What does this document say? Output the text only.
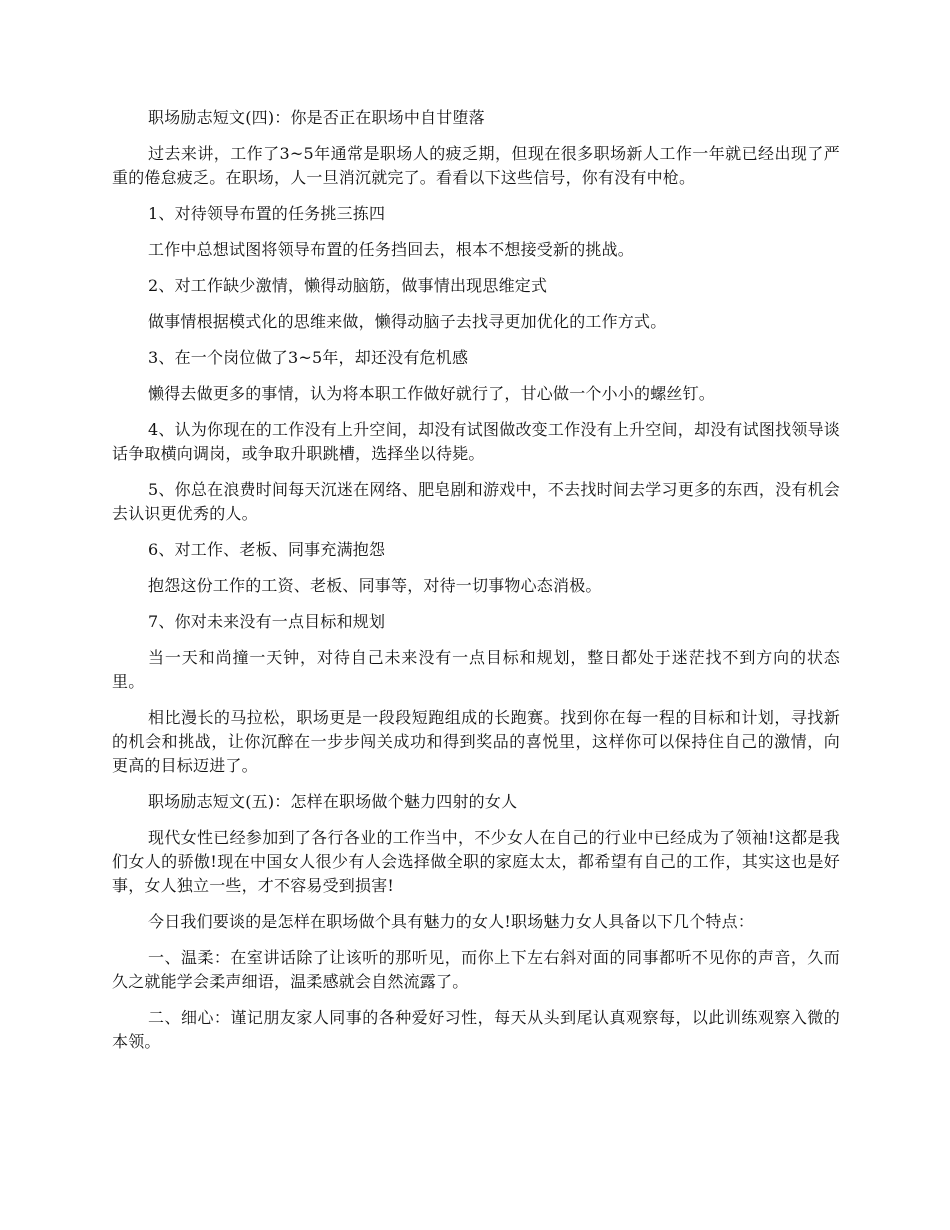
职场励志短文(四)：你是否正在职场中自甘堕落

过去来讲，工作了3~5年通常是职场人的疲乏期，但现在很多职场新人工作一年就已经出现了严重的倦怠疲乏。在职场，人一旦消沉就完了。看看以下这些信号，你有没有中枪。

1、对待领导布置的任务挑三拣四

工作中总想试图将领导布置的任务挡回去，根本不想接受新的挑战。

2、对工作缺少激情，懒得动脑筋，做事情出现思维定式

做事情根据模式化的思维来做，懒得动脑子去找寻更加优化的工作方式。

3、在一个岗位做了3~5年，却还没有危机感

懒得去做更多的事情，认为将本职工作做好就行了，甘心做一个小小的螺丝钉。

4、认为你现在的工作没有上升空间，却没有试图做改变工作没有上升空间，却没有试图找领导谈话争取横向调岗，或争取升职跳槽，选择坐以待毙。

5、你总在浪费时间每天沉迷在网络、肥皂剧和游戏中，不去找时间去学习更多的东西，没有机会去认识更优秀的人。

6、对工作、老板、同事充满抱怨

抱怨这份工作的工资、老板、同事等，对待一切事物心态消极。

7、你对未来没有一点目标和规划

当一天和尚撞一天钟，对待自己未来没有一点目标和规划，整日都处于迷茫找不到方向的状态里。

相比漫长的马拉松，职场更是一段段短跑组成的长跑赛。找到你在每一程的目标和计划，寻找新的机会和挑战，让你沉醉在一步步闯关成功和得到奖品的喜悦里，这样你可以保持住自己的激情，向更高的目标迈进了。

职场励志短文(五)：怎样在职场做个魅力四射的女人

现代女性已经参加到了各行各业的工作当中，不少女人在自己的行业中已经成为了领袖!这都是我们女人的骄傲!现在中国女人很少有人会选择做全职的家庭太太，都希望有自己的工作，其实这也是好事，女人独立一些，才不容易受到损害!

今日我们要谈的是怎样在职场做个具有魅力的女人!职场魅力女人具备以下几个特点：

一、温柔：在室讲话除了让该听的那听见，而你上下左右斜对面的同事都听不见你的声音，久而久之就能学会柔声细语，温柔感就会自然流露了。

二、细心：谨记朋友家人同事的各种爱好习性，每天从头到尾认真观察每，以此训练观察入微的本领。
